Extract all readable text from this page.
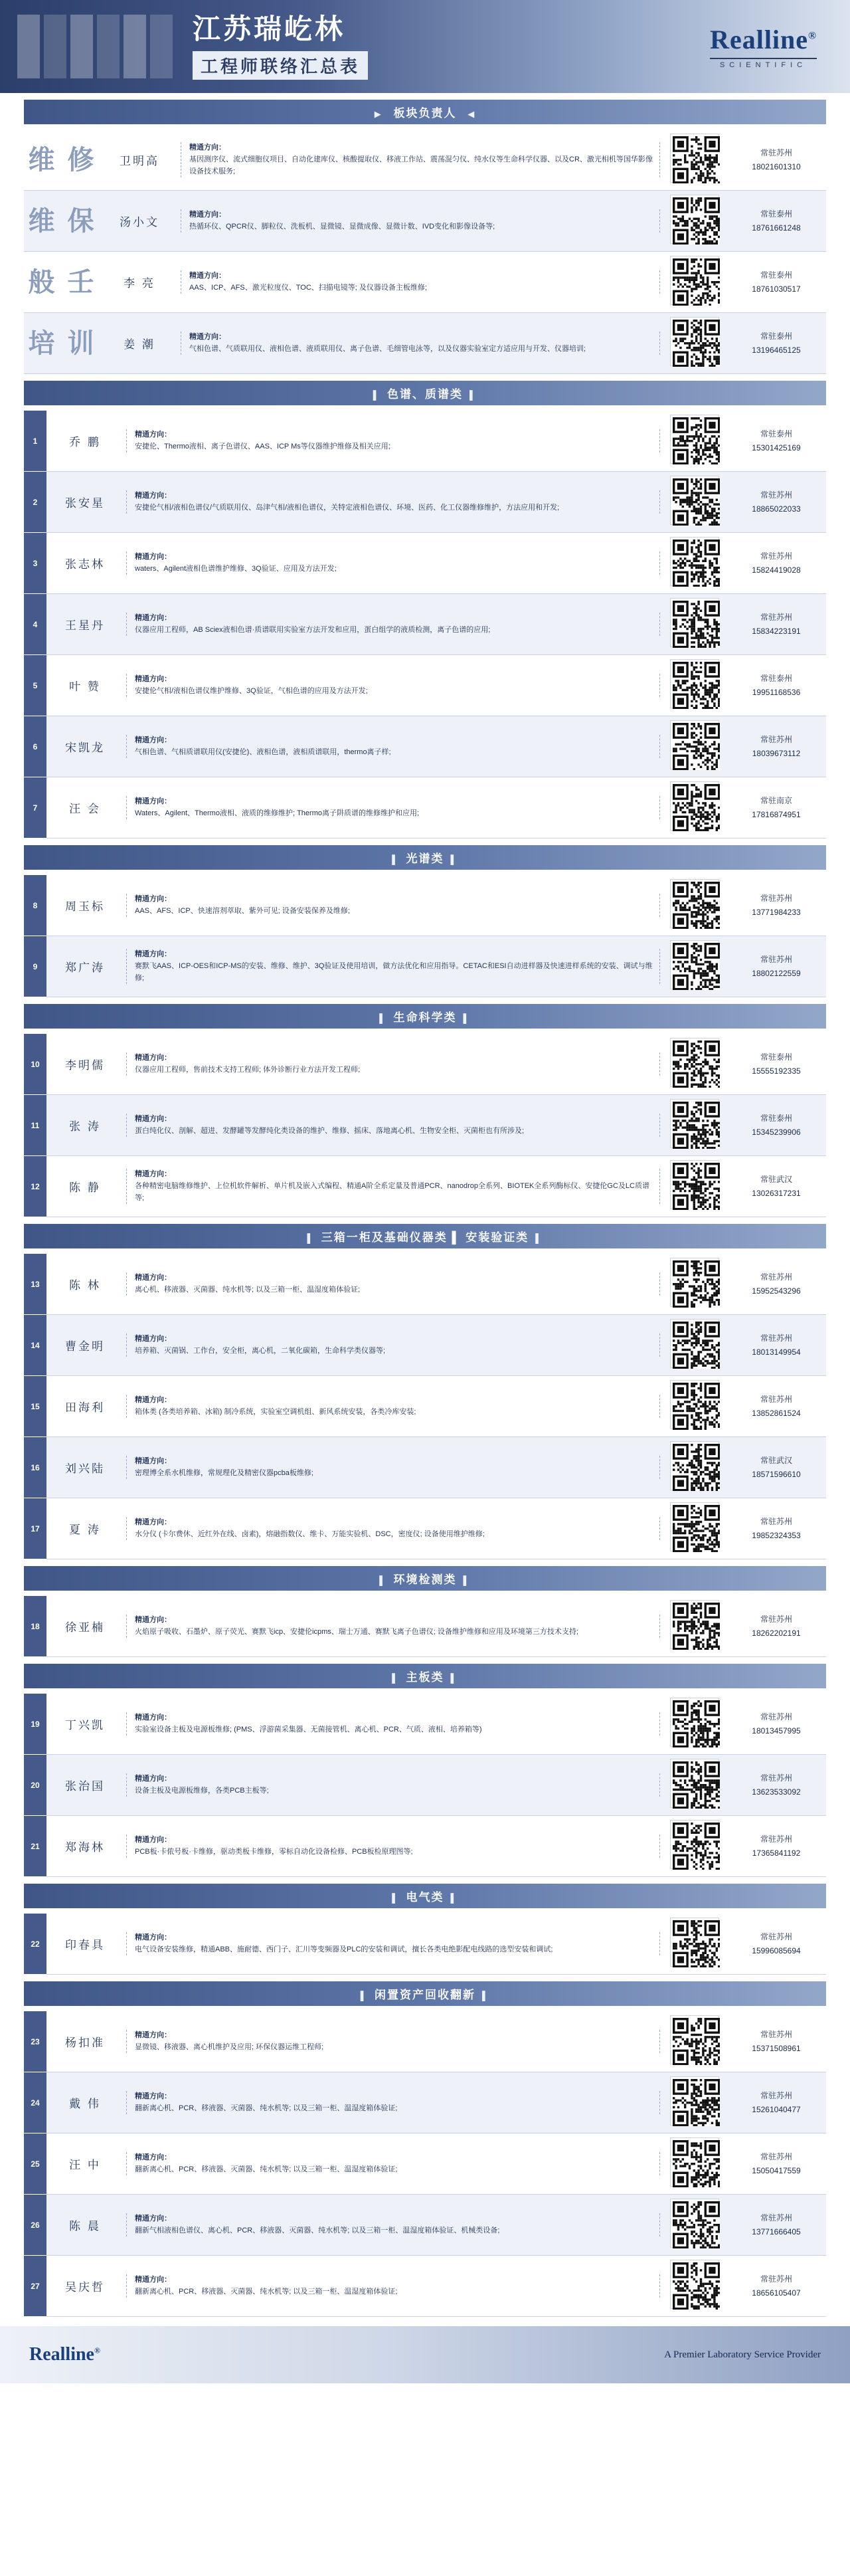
江苏瑞屹林
工程师联络汇总表
Realline®
SCIENTIFIC
▶ 板块负责人 ◀
维 修	卫明高	精通方向：
基因测序仪、流式细胞仪项目、自动化建库仪、核酸提取仪、移液工作站、震荡混匀仪、纯水仪等生命科学仪器、以及CR、激光相机等国华影像设备技术服务;		常驻苏州
18021601310

维 保	汤小文	精通方向：
热循环仪、QPCR仪、脚粒仪、洗板机、显微镜、显微成像、显微计数、IVD变化和影像设备等;		常驻泰州
18761661248

般 壬	李 亮	精通方向：
AAS、ICP、AFS、激光粒度仪、TOC、扫描电镜等; 及仪器设备主板维修;		常驻泰州
18761030517

培 训	姜 潮	精通方向：
气相色谱、气质联用仪、液相色谱、液质联用仪、离子色谱、毛细管电泳等，以及仪器实验室定方适应用与开发、仪器培训;		常驻泰州
13196465125
▌ 色谱、质谱类 ▌
1	乔 鹏	精通方向：
安捷伦、Thermo液相、离子色谱仪、AAS、ICP Ms等仪器维护维修及相关应用;		常驻泰州
15301425169
2	张安星	精通方向：
安捷伦气相/液相色谱仪/气质联用仪、岛津气相/液相色谱仪，关特定液相色谱仪、环境、医药、化工仪器维修维护，方法应用和开发;		常驻苏州
18865022033
3	张志林	精通方向：
waters、Agilent液相色谱维护维修、3Q验证、应用及方法开发;		常驻苏州
15824419028
4	王星丹	精通方向：
仪器应用工程师，AB Sciex液相色谱·质谱联用实验室方法开发和应用，蛋白组学的液质检测，离子色谱的应用;		常驻苏州
15834223191
5	叶 赞	精通方向：
安捷伦气相/液相色谱仪维护维修、3Q验证，气相色谱的应用及方法开发;		常驻泰州
19951168536
6	宋凯龙	精通方向：
气相色谱、气相质谱联用仪(安捷伦)、液相色谱，液相质谱联用，thermo离子样;		常驻苏州
18039673112
7	汪 会	精通方向：
Waters、Agilent、Thermo液相、液质的维修维护; Thermo离子阱质谱的维修维护和应用;		常驻南京
17816874951
▌ 光谱类 ▌
8	周玉标	精通方向：
AAS、AFS、ICP、快速溶剂萃取、紫外可见; 设备安装保养及维修;		常驻苏州
13771984233
9	郑广涛	精通方向：
赛默飞AAS、ICP-OES和ICP-MS的安装、维修、维护、3Q验证及使用培训，做方法优化和应用指导。CETAC和ESI自动进样器及快速进样系统的安装、调试与维修;		常驻苏州
18802122559
▌ 生命科学类 ▌
10	李明儒	精通方向：
仪器应用工程师，售前技术支持工程师; 体外诊断行业方法开发工程师;		常驻泰州
15555192335
11	张 涛	精通方向：
蛋白纯化仪、剖解、超进、发酵罐等发酵纯化类设备的维护、维修、摇床、落地离心机、生物安全柜、灭菌柜也有所涉及;		常驻泰州
15345239906
12	陈 静	精通方向：
各种精密电脑维修维护、上位机软件解析、单片机及嵌入式编程、精通A阶全系定量及普通PCR、nanodrop全系列、BIOTEK全系列酶标仪、安捷伦GC及LC质谱等;		常驻武汉
13026317231
▌ 三箱一柜及基础仪器类 ▌ 安装验证类 ▌
13	陈 林	精通方向：
离心机、移液器、灭菌器、纯水机等; 以及三箱一柜、温湿度箱体验证;		常驻苏州
15952543296
14	曹金明	精通方向：
培养箱、灭菌锅、工作台，安全柜，离心机，二氧化碳箱，生命科学类仪器等;		常驻苏州
18013149954
15	田海利	精通方向：
箱体类 (各类培养箱、冰箱) 制冷系统，实验室空调机组、新风系统安装，各类冷库安装;		常驻苏州
13852861524
16	刘兴陆	精通方向：
密理博全系水机维修，常规理化及精密仪器pcba板维修;		常驻武汉
18571596610
17	夏 涛	精通方向：
水分仪 (卡尔费休、近红外在线、卤素)，熔融指数仪、维卡、万能实验机、DSC，密度仪; 设备使用维护维修;		常驻苏州
19852324353
▌ 环境检测类 ▌
18	徐亚楠	
精通方向：
火焰原子吸收、石墨炉、原子荧光、赛默飞icp、安捷伦icpms、瑞士万通、赛默飞离子色谱仪; 设备维护维修和应用及环境第三方技术支持;

常驻苏州
18262202191
▌ 主板类 ▌
19	丁兴凯	精通方向：
实验室设备主板及电源板维修; (PMS、浮游菌采集器、无菌接管机、离心机、PCR、气质、液相、培养箱等)		常驻苏州
18013457995
20	张治国	精通方向：
设备主板及电源板维修，各类PCB主板等;		常驻苏州
13623533092
21	郑海林	精通方向：
PCB板·卡侬号板·卡维修，驱动类板卡维修，零标自动化设备检修、PCB板检原理图等;		常驻苏州
17365841192
▌ 电气类 ▌
22	印春具	
精通方向：
电气设备安装维修，精通ABB、施耐德、西门子、汇川等变频器及PLC的安装和调试，擅长各类电绝影配电线路的选型安装和调试;

常驻苏州
15996085694
▌ 闲置资产回收翻新 ▌
23	杨扣准	精通方向：
显微镜、移液器、离心机维护及应用; 环保仪器运维工程师;		常驻苏州
15371508961
24	戴 伟	精通方向：
翻新离心机、PCR、移液器、灭菌器、纯水机等; 以及三箱一柜、温湿度箱体验证;		常驻苏州
15261040477
25	汪 中	精通方向：
翻新离心机、PCR、移液器、灭菌器、纯水机等; 以及三箱一柜、温湿度箱体验证;		常驻苏州
15050417559
26	陈 晨	精通方向：
翻新气相液相色谱仪、离心机、PCR、移液器、灭菌器、纯水机等; 以及三箱一柜、温湿度箱体验证、机械类设备;		常驻苏州
13771666405
27	吴庆哲	精通方向：
翻新离心机、PCR、移液器、灭菌器、纯水机等; 以及三箱一柜、温湿度箱体验证;		常驻苏州
18656105407
Realline®	A Premier Laboratory Service Provider
